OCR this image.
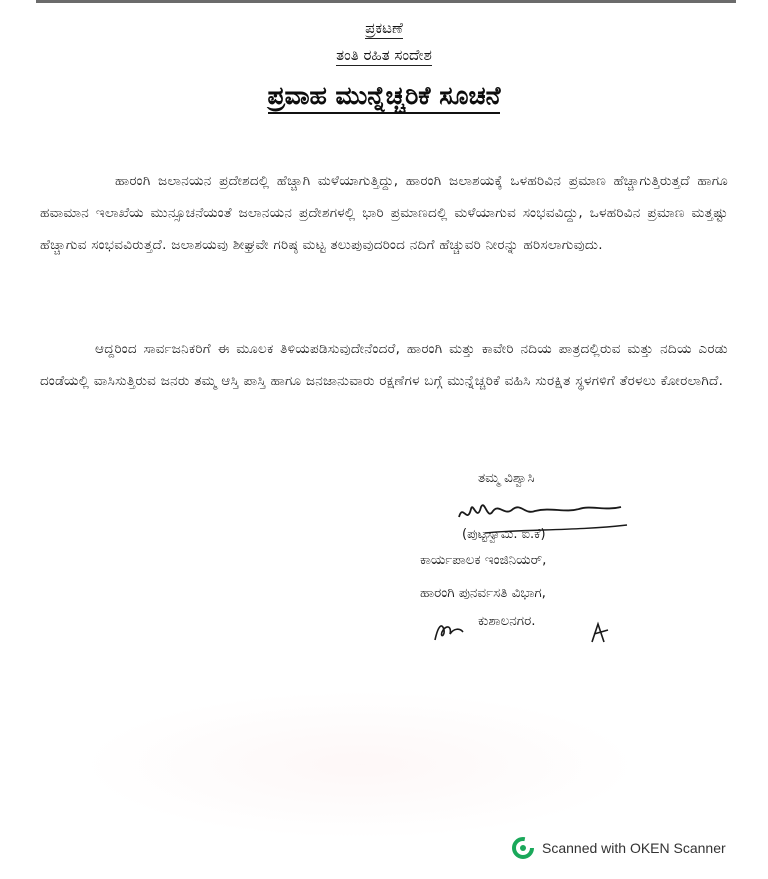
ಪ್ರಕಟಣೆ
ತಂತಿ ರಹಿತ ಸಂದೇಶ
ಪ್ರವಾಹ ಮುನ್ನೆಚ್ಚರಿಕೆ ಸೂಚನೆ
ಹಾರಂಗಿ ಜಲಾನಯನ ಪ್ರದೇಶದಲ್ಲಿ ಹೆಚ್ಚಾಗಿ ಮಳೆಯಾಗುತ್ತಿದ್ದು, ಹಾರಂಗಿ ಜಲಾಶಯಕ್ಕೆ ಒಳಹರಿವಿನ ಪ್ರಮಾಣ ಹೆಚ್ಚಾಗುತ್ತಿರುತ್ತದೆ ಹಾಗೂ ಹವಾಮಾನ ಇಲಾಖೆಯ ಮುನ್ಸೂಚನೆಯಂತೆ ಜಲಾನಯನ ಪ್ರದೇಶಗಳಲ್ಲಿ ಭಾರಿ ಪ್ರಮಾಣದಲ್ಲಿ ಮಳೆಯಾಗುವ ಸಂಭವವಿದ್ದು, ಒಳಹರಿವಿನ ಪ್ರಮಾಣ ಮತ್ತಷ್ಟು ಹೆಚ್ಚಾಗುವ ಸಂಭವವಿರುತ್ತದೆ. ಜಲಾಶಯವು ಶೀಘ್ರವೇ ಗರಿಷ್ಠ ಮಟ್ಟ ತಲುಪುವುದರಿಂದ ನದಿಗೆ ಹೆಚ್ಚುವರಿ ನೀರನ್ನು ಹರಿಸಲಾಗುವುದು.
ಆದ್ದರಿಂದ ಸಾರ್ವಜನಿಕರಿಗೆ ಈ ಮೂಲಕ ತಿಳಿಯಪಡಿಸುವುದೇನೆಂದರೆ, ಹಾರಂಗಿ ಮತ್ತು ಕಾವೇರಿ ನದಿಯ ಪಾತ್ರದಲ್ಲಿರುವ ಮತ್ತು ನದಿಯ ಎರಡು ದಂಡೆಯಲ್ಲಿ ವಾಸಿಸುತ್ತಿರುವ ಜನರು ತಮ್ಮ ಆಸ್ತಿ ಪಾಸ್ತಿ ಹಾಗೂ ಜನಜಾನುವಾರು ರಕ್ಷಣೆಗಳ ಬಗ್ಗೆ ಮುನ್ನೆಚ್ಚರಿಕೆ ವಹಿಸಿ ಸುರಕ್ಷಿತ ಸ್ಥಳಗಳಿಗೆ ತೆರಳಲು ಕೋರಲಾಗಿದೆ.
ತಮ್ಮ ವಿಶ್ವಾಸಿ
(ಪುಟ್ಟಸ್ವಾಮಿ. ಐ.ಕೆ)
ಕಾರ್ಯಪಾಲಕ ಇಂಜಿನಿಯರ್,
ಹಾರಂಗಿ ಪುನರ್ವಸತಿ ವಿಭಾಗ,
ಕುಶಾಲನಗರ.
Scanned with OKEN Scanner
